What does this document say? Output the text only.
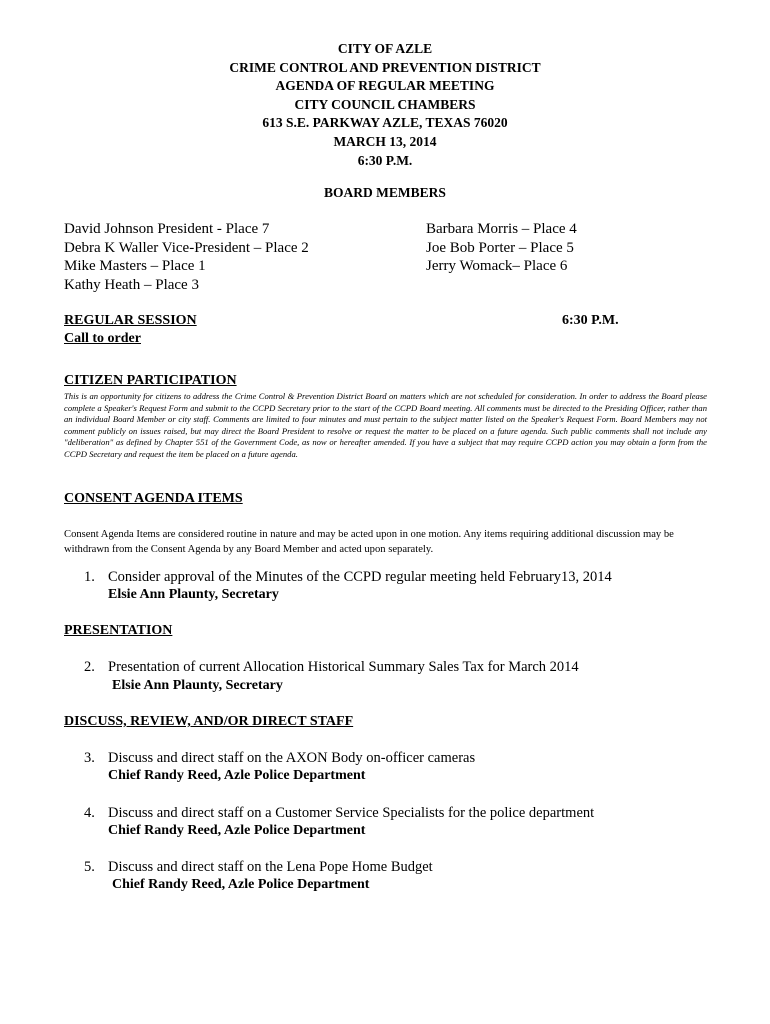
CITY OF AZLE
CRIME CONTROL AND PREVENTION DISTRICT
AGENDA OF REGULAR MEETING
CITY COUNCIL CHAMBERS
613 S.E. PARKWAY AZLE, TEXAS 76020
MARCH 13, 2014
6:30 P.M.
BOARD MEMBERS
David Johnson President - Place 7
Debra K Waller Vice-President – Place 2
Mike Masters – Place 1
Kathy Heath – Place 3
Barbara Morris – Place 4
Joe Bob Porter – Place 5
Jerry Womack– Place 6
REGULAR SESSION	6:30 P.M.
Call to order
CITIZEN PARTICIPATION
This is an opportunity for citizens to address the Crime Control & Prevention District Board on matters which are not scheduled for consideration. In order to address the Board please complete a Speaker's Request Form and submit to the CCPD Secretary prior to the start of the CCPD Board meeting. All comments must be directed to the Presiding Officer, rather than an individual Board Member or city staff. Comments are limited to four minutes and must pertain to the subject matter listed on the Speaker's Request Form. Board Members may not comment publicly on issues raised, but may direct the Board President to resolve or request the matter to be placed on a future agenda. Such public comments shall not include any "deliberation" as defined by Chapter 551 of the Government Code, as now or hereafter amended. If you have a subject that may require CCPD action you may obtain a form from the CCPD Secretary and request the item be placed on a future agenda.
CONSENT AGENDA ITEMS
Consent Agenda Items are considered routine in nature and may be acted upon in one motion. Any items requiring additional discussion may be withdrawn from the Consent Agenda by any Board Member and acted upon separately.
1. Consider approval of the Minutes of the CCPD regular meeting held February13, 2014
Elsie Ann Plaunty, Secretary
PRESENTATION
2. Presentation of current Allocation Historical Summary Sales Tax for March 2014
Elsie Ann Plaunty, Secretary
DISCUSS, REVIEW, AND/OR DIRECT STAFF
3. Discuss and direct staff on the AXON Body on-officer cameras
Chief Randy Reed, Azle Police Department
4. Discuss and direct staff on a Customer Service Specialists for the police department
Chief Randy Reed, Azle Police Department
5. Discuss and direct staff on the Lena Pope Home Budget
Chief Randy Reed, Azle Police Department
